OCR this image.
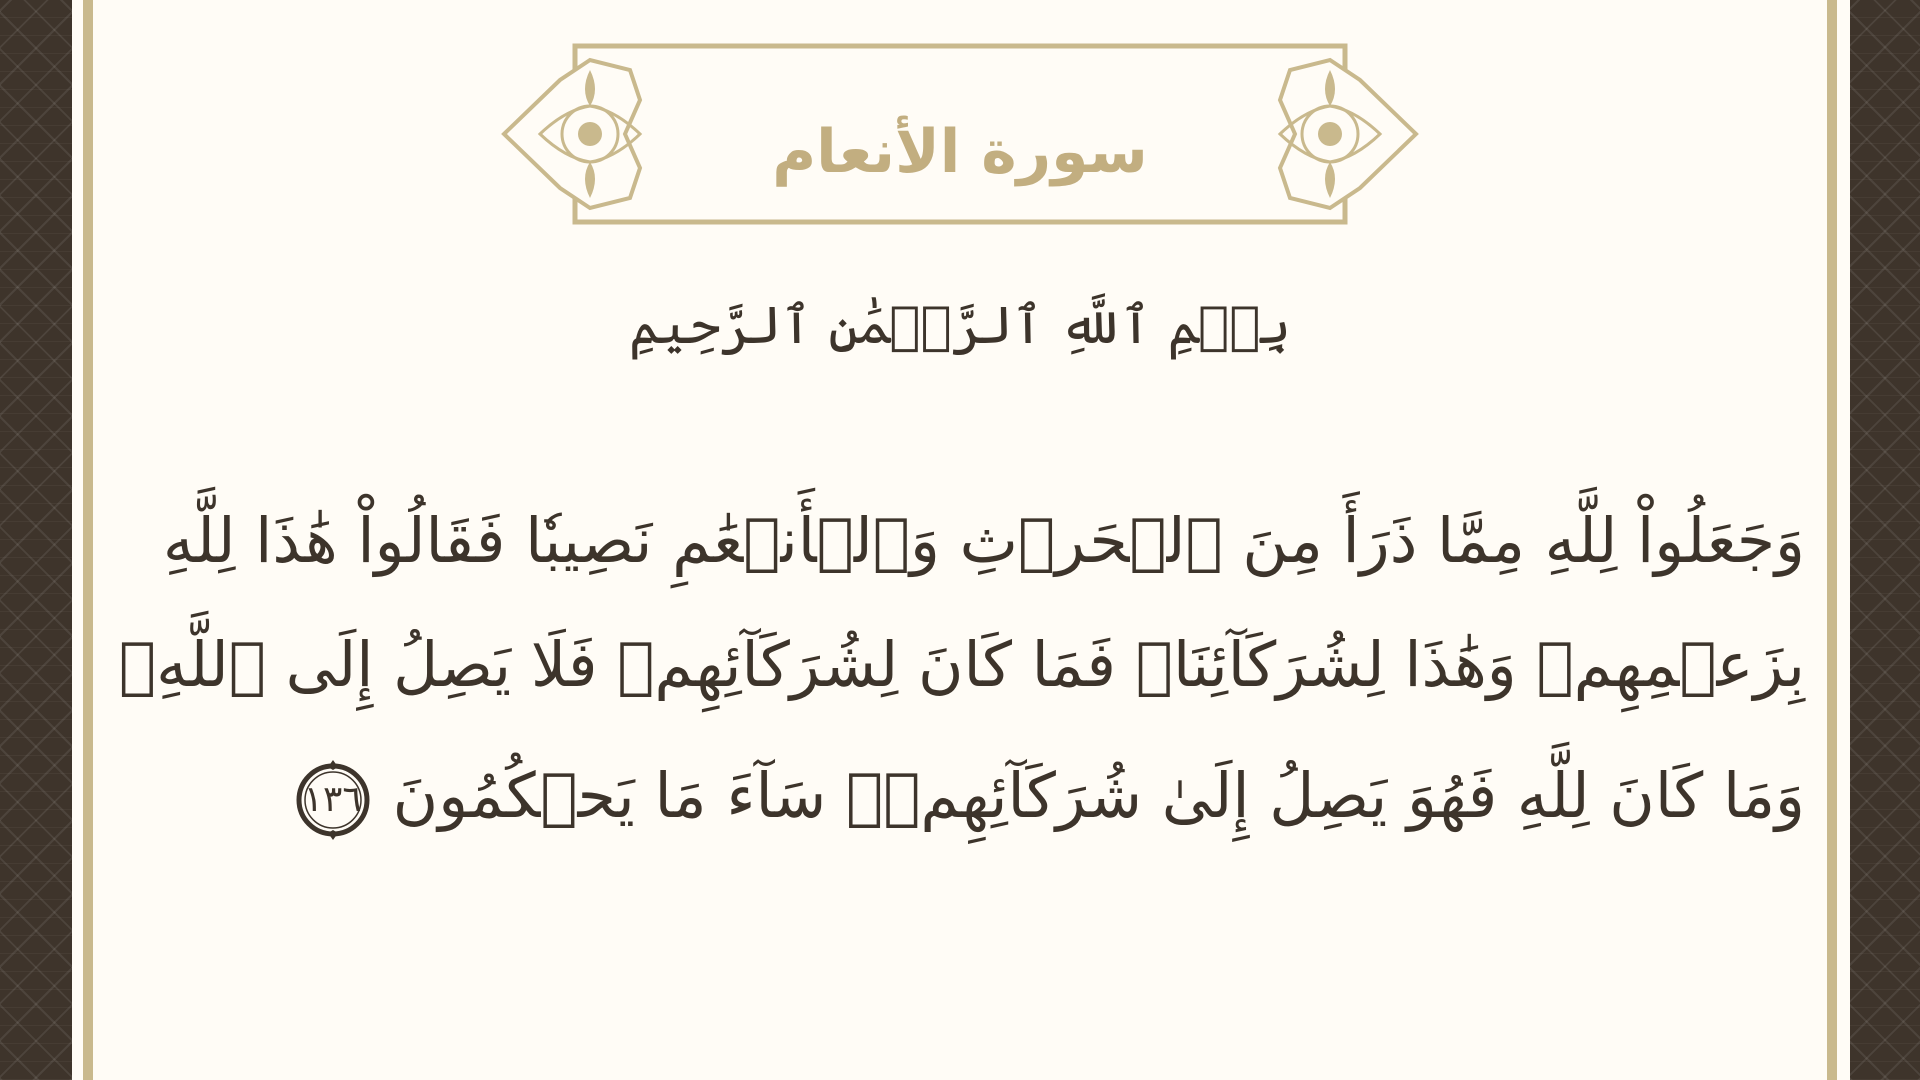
سورة الأنعام
بِسۡمِ ٱللَّهِ ٱلرَّحۡمَٰنِ ٱلرَّحِيمِ
وَجَعَلُواْ لِلَّهِ مِمَّا ذَرَأَ مِنَ ٱلۡحَرۡثِ وَٱلۡأَنۡعَٰمِ نَصِيبٗا فَقَالُواْ هَٰذَا لِلَّهِ
بِزَعۡمِهِمۡ وَهَٰذَا لِشُرَكَآئِنَاۖ فَمَا كَانَ لِشُرَكَآئِهِمۡ فَلَا يَصِلُ إِلَى ٱللَّهِۖ
وَمَا كَانَ لِلَّهِ فَهُوَ يَصِلُ إِلَىٰ شُرَكَآئِهِمۡۗ سَآءَ مَا يَحۡكُمُونَ
١٣٦
